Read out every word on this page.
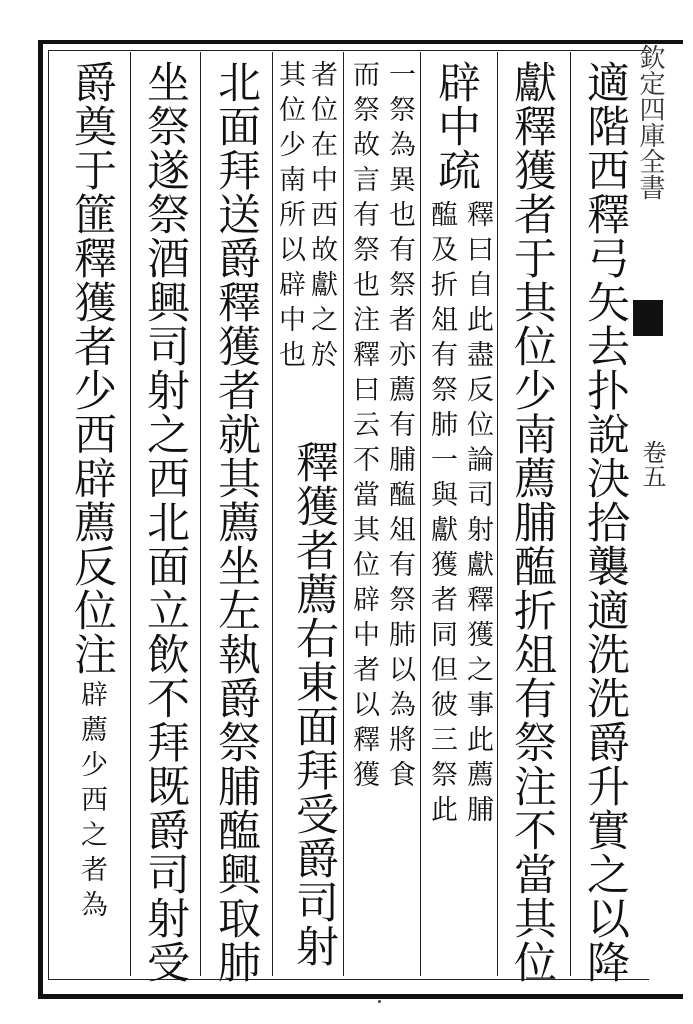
欽定四庫全書
卷五
適階西釋弓矢去扑說決拾襲適洗洗爵升實之以降
獻釋獲者于其位少南薦脯醢折俎有祭注不當其位
辟中疏
釋曰自此盡反位論司射獻釋獲之事此薦脯
醢及折俎有祭肺一與獻獲者同但彼三祭此
一祭為異也有祭者亦薦有脯醢俎有祭肺以為將食
而祭故言有祭也注釋曰云不當其位辟中者以釋獲
者位在中西故獻之於
釋獲者薦右東面拜受爵司射
其位少南所以辟中也
北面拜送爵釋獲者就其薦坐左執爵祭脯醢興取肺
坐祭遂祭酒興司射之西北面立飲不拜既爵司射受
爵奠于篚釋獲者少西辟薦反位注
辟薦少西之者為
